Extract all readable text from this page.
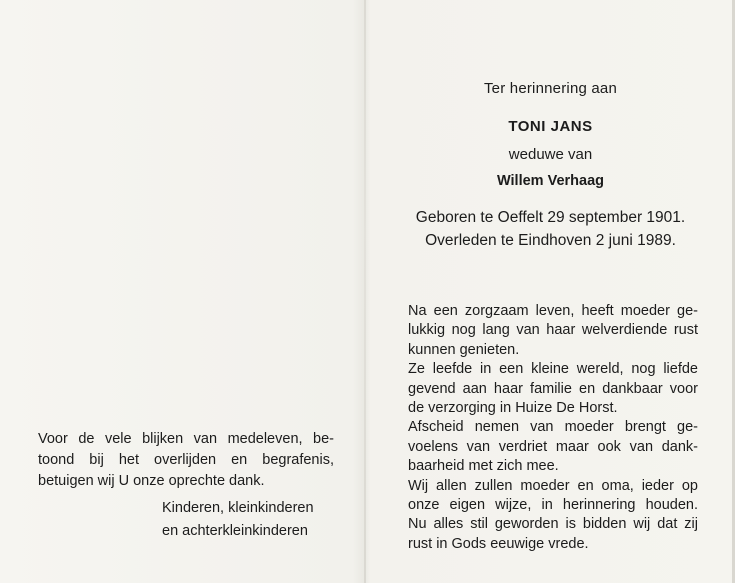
Voor de vele blijken van medeleven, be-
toond bij het overlijden en begrafenis,
betuigen wij U onze oprechte dank.
Kinderen, kleinkinderen
en achterkleinkinderen
Ter herinnering aan
TONI JANS
weduwe van
Willem Verhaag
Geboren te Oeffelt 29 september 1901.
Overleden te Eindhoven 2 juni 1989.
Na een zorgzaam leven, heeft moeder ge-
lukkig nog lang van haar welverdiende rust
kunnen genieten.
Ze leefde in een kleine wereld, nog liefde
gevend aan haar familie en dankbaar voor
de verzorging in Huize De Horst.
Afscheid nemen van moeder brengt ge-
voelens van verdriet maar ook van dank-
baarheid met zich mee.
Wij allen zullen moeder en oma, ieder op
onze eigen wijze, in herinnering houden.
Nu alles stil geworden is bidden wij dat zij
rust in Gods eeuwige vrede.
